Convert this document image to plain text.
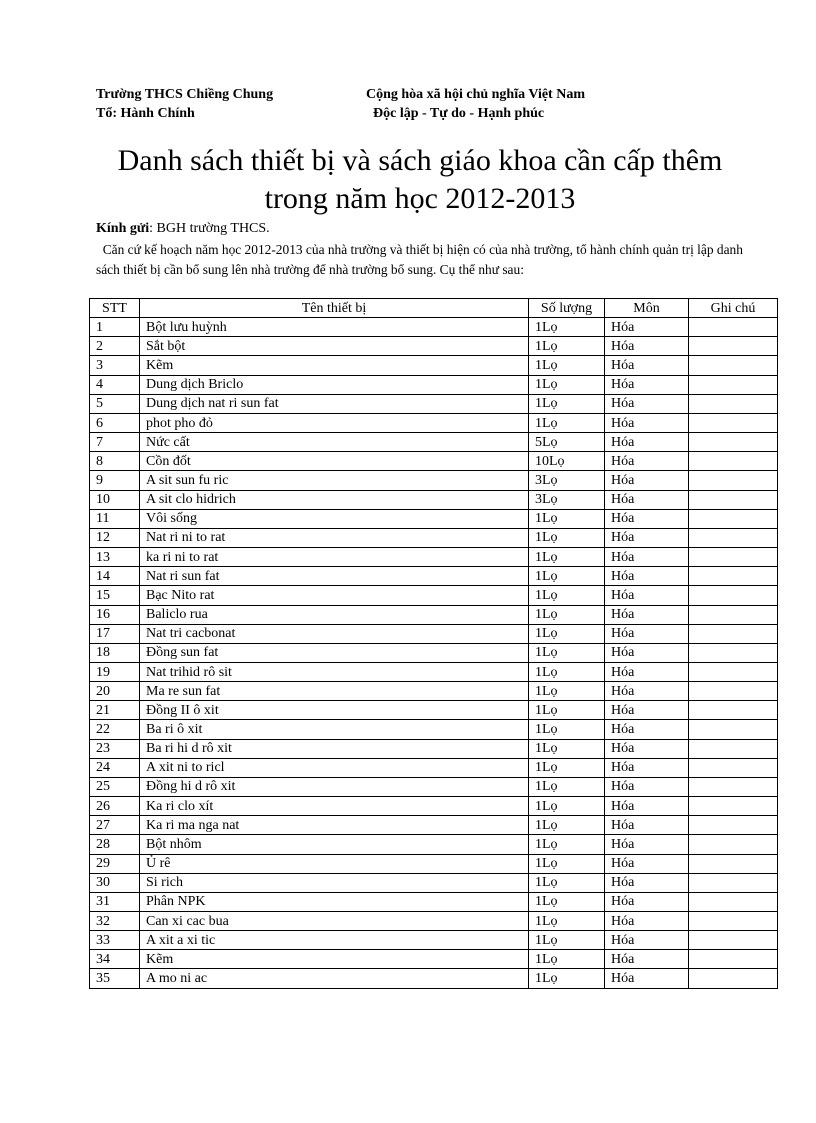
Trường THCS Chiềng Chung
Tổ: Hành Chính
Cộng hòa xã hội chủ nghĩa Việt Nam
Độc lập - Tự do - Hạnh phúc
Danh sách thiết bị và sách giáo khoa cần cấp thêm
trong năm học 2012-2013
Kính gửi: BGH trường THCS.
Căn cứ kế hoạch năm học 2012-2013 của nhà trường và thiết bị hiện có của nhà trường, tổ hành chính quản trị lập danh sách thiết bị cần bổ sung lên nhà trường để nhà trường bổ sung. Cụ thể như sau:
STT	Tên thiết bị	Số lượng	Môn	Ghi chú
1	Bột lưu huỳnh	1Lọ	Hóa	
2	Sắt bột	1Lọ	Hóa	
3	Kẽm	1Lọ	Hóa	
4	Dung dịch Briclo	1Lọ	Hóa	
5	Dung dịch nat ri sun fat	1Lọ	Hóa	
6	phot pho đỏ	1Lọ	Hóa	
7	Nức cất	5Lọ	Hóa	
8	Cồn đốt	10Lọ	Hóa	
9	A sit sun fu ric	3Lọ	Hóa	
10	A sit clo hidrich	3Lọ	Hóa	
11	Vôi sống	1Lọ	Hóa	
12	Nat ri ni to rat	1Lọ	Hóa	
13	ka ri ni to rat	1Lọ	Hóa	
14	Nat ri sun fat	1Lọ	Hóa	
15	Bạc Nito rat	1Lọ	Hóa	
16	Baliclo rua	1Lọ	Hóa	
17	Nat tri cacbonat	1Lọ	Hóa	
18	Đồng sun fat	1Lọ	Hóa	
19	Nat trihid rô sit	1Lọ	Hóa	
20	Ma re sun fat	1Lọ	Hóa	
21	Đồng II ô xit	1Lọ	Hóa	
22	Ba ri ô xit	1Lọ	Hóa	
23	Ba ri hi d rô xit	1Lọ	Hóa	
24	A xit ni to ricl	1Lọ	Hóa	
25	Đồng hi d rô xit	1Lọ	Hóa	
26	Ka ri clo xít	1Lọ	Hóa	
27	Ka ri ma nga nat	1Lọ	Hóa	
28	Bột nhôm	1Lọ	Hóa	
29	Ủ rê	1Lọ	Hóa	
30	Si rich	1Lọ	Hóa	
31	Phân NPK	1Lọ	Hóa	
32	Can xi cac bua	1Lọ	Hóa	
33	A xit a xi tic	1Lọ	Hóa	
34	Kẽm	1Lọ	Hóa	
35	A mo ni ac	1Lọ	Hóa	
